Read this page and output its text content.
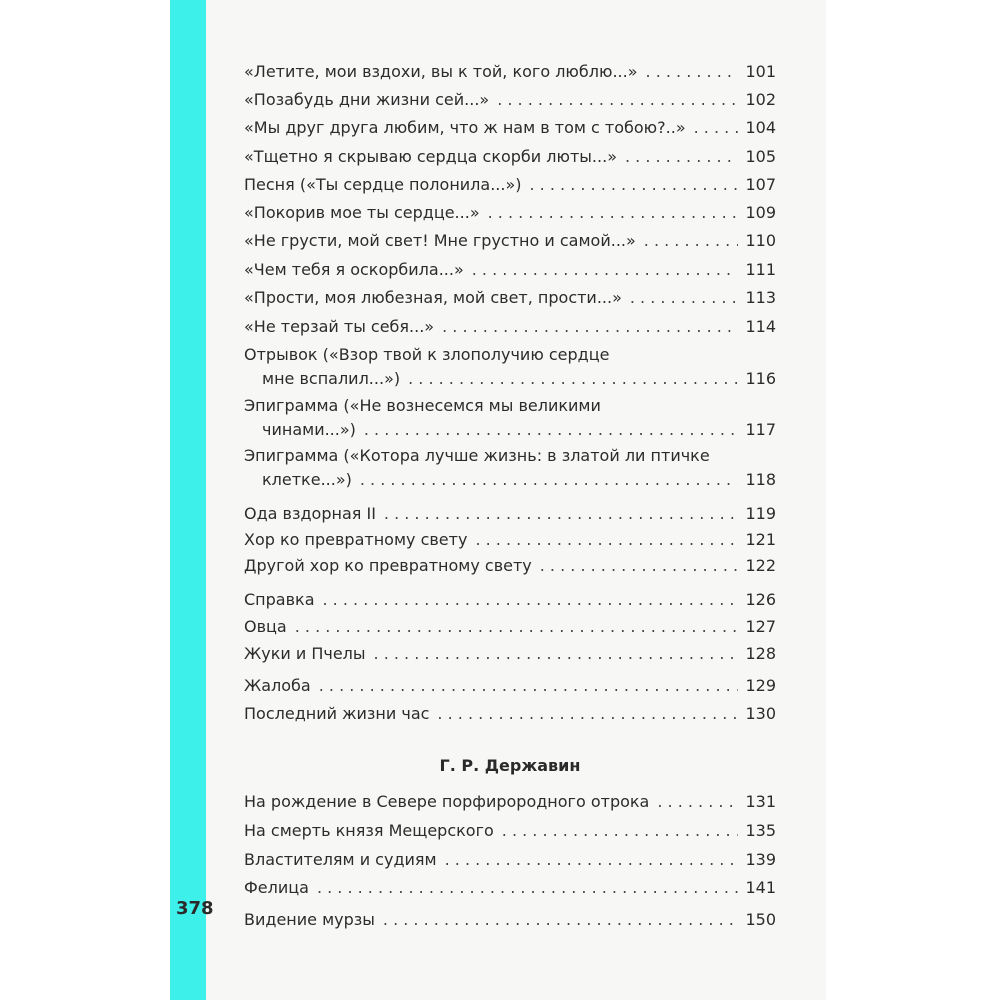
378
«Летите, мои вздохи, вы к той, кого люблю...» . . .	101
«Позабудь дни жизни сей...» . . .	102
«Мы друг друга любим, что ж нам в том с тобою?..» . . .	104
«Тщетно я скрываю сердца скорби люты...» . . .	105
Песня («Ты сердце полонила...») . . .	107
«Покорив мое ты сердце...» . . .	109
«Не грусти, мой свет! Мне грустно и самой...» . . .	110
«Чем тебя я оскорбила...» . . .	111
«Прости, моя любезная, мой свет, прости...» . . .	113
«Не терзай ты себя...» . . .	114
Отрывок («Взор твой к злополучию сердце
мне вспалил...») . . .	116
Эпиграмма («Не вознесемся мы великими
чинами...») . . .	117
Эпиграмма («Котора лучше жизнь: в златой ли птичке
клетке...») . . .	118
Ода вздорная II . . .	119
Хор ко превратному свету . . .	121
Другой хор ко превратному свету . . .	122
Справка . . .	126
Овца . . .	127
Жуки и Пчелы . . .	128
Жалоба . . .	129
Последний жизни час . . .	130
Г. Р. Державин
На рождение в Севере порфирородного отрока . . .	131
На смерть князя Мещерского . . .	135
Властителям и судиям . . .	139
Фелица . . .	141
Видение мурзы . . .	150
